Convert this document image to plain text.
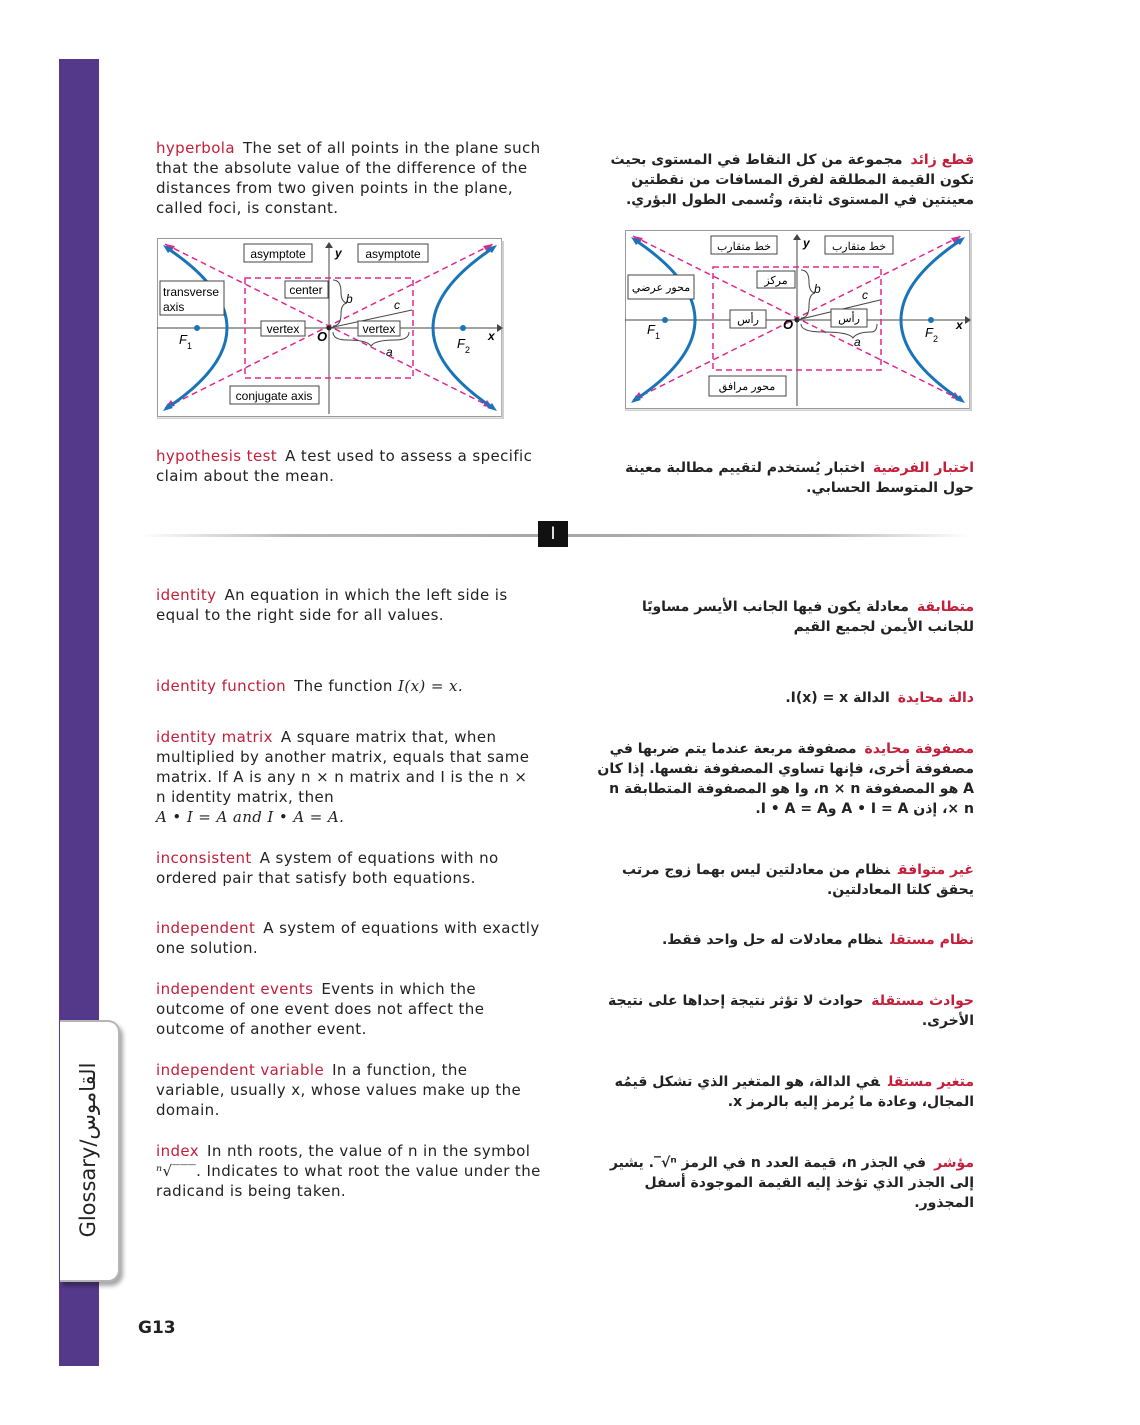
Glossary/القاموس
G13
hyperbola The set of all points in the plane such that the absolute value of the difference of the distances from two given points in the plane, called foci, is constant.
asymptote	asymptote
y
transverse
axis
center
b	c
vertex	vertex
O
a
x
F 1	F 2
conjugate axis
hypothesis test A test used to assess a specific claim about the mean.
I
identity An equation in which the left side is equal to the right side for all values.
identity function The function I(x) = x.
identity matrix A square matrix that, when multiplied by another matrix, equals that same matrix. If A is any n × n matrix and I is the n × n identity matrix, then
A • I = A and I • A = A.
inconsistent A system of equations with no ordered pair that satisfy both equations.
independent A system of equations with exactly one solution.
independent events Events in which the outcome of one event does not affect the outcome of another event.
independent variable In a function, the variable, usually x, whose values make up the domain.
index In nth roots, the value of n in the symbol ⁿ√‾‾‾. Indicates to what root the value under the radicand is being taken.
قطع زائدمجموعة من كل النقاط في المستوى بحيث تكون القيمة المطلقة لفرق المسافات من نقطتين معينتين في المستوى ثابتة، وتُسمى الطول البؤري.
خط متقارب	خط متقارب
y
محور عرضي
مركز
b	c
رأس	رأس
O
a
x
F 1	F 2
محور مرافق
اختبار الفرضيةاختبار يُستخدم لتقييم مطالبة معينة حول المتوسط الحسابي.
متطابقةمعادلة يكون فيها الجانب الأيسر مساويًا للجانب الأيمن لجميع القيم
دالة محايدةالدالة I(x) = x.
مصفوفة محايدةمصفوفة مربعة عندما يتم ضربها في مصفوفة أخرى، فإنها تساوي المصفوفة نفسها. إذا كان A هو المصفوفة n × n، وI هو المصفوفة المتطابقة n × n، إذن A • I = A وI • A = A.
غير متوافقنظام من معادلتين ليس بهما زوج مرتب يحقق كلتا المعادلتين.
نظام مستقلنظام معادلات له حل واحد فقط.
حوادث مستقلةحوادث لا تؤثر نتيجة إحداها على نتيجة الأخرى.
متغير مستقلفي الدالة، هو المتغير الذي تشكل قيمُه المجال، وعادة ما يُرمز إليه بالرمز x.
مؤشرفي الجذر n، قيمة العدد n في الرمز ⁿ√‾. يشير إلى الجذر الذي تؤخذ إليه القيمة الموجودة أسفل المجذور.
